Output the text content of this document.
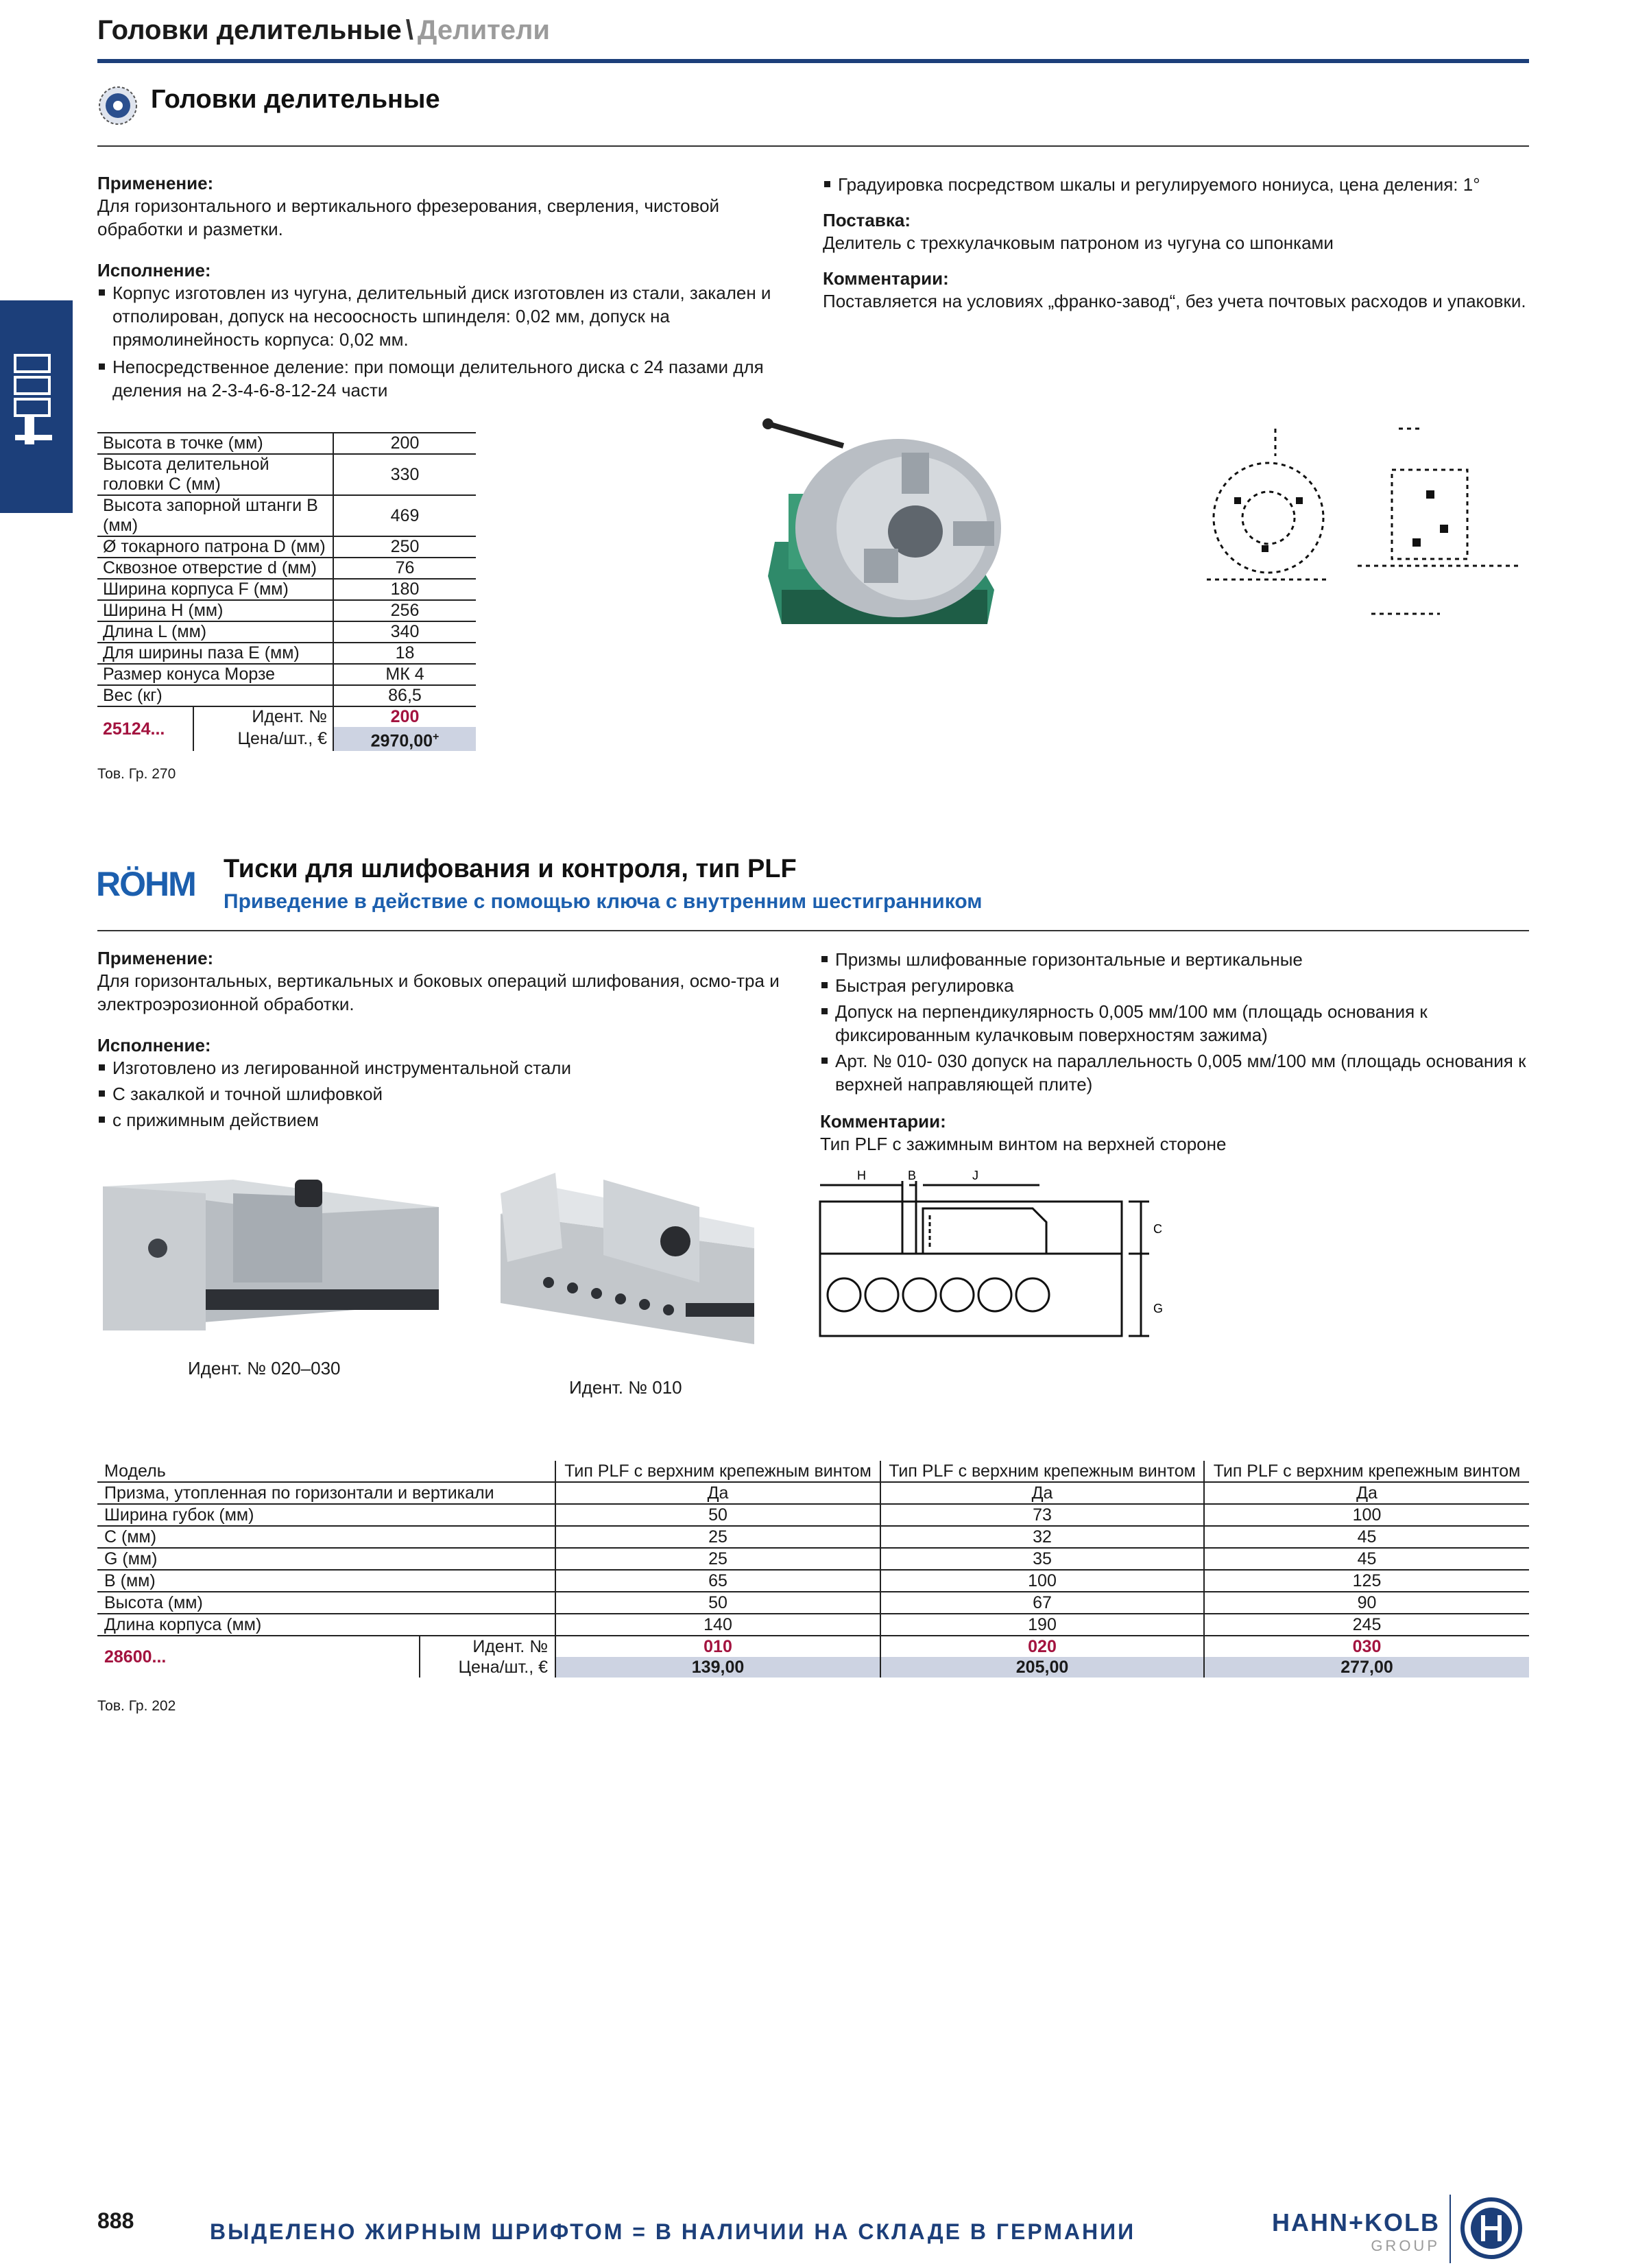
Головки делительные \ Делители
Головки делительные
Применение:
Для горизонтального и вертикального фрезерования, сверления, чистовой обработки и разметки.
Исполнение:
Корпус изготовлен из чугуна, делительный диск изготовлен из стали, закален и отполирован, допуск на несоосность шпинделя: 0,02 мм, допуск на прямолинейность корпуса: 0,02 мм.
Непосредственное деление: при помощи делительного диска с 24 пазами для деления на 2-3-4-6-8-12-24 части
Градуировка посредством шкалы и регулируемого нониуса, цена деления: 1°
Поставка:
Делитель с трехкулачковым патроном из чугуна со шпонками
Комментарии:
Поставляется на условиях „франко-завод“, без учета почтовых расходов и упаковки.
Высота в точке (мм)	200
Высота делительной головки С (мм)	330
Высота запорной штанги В (мм)	469
Ø токарного патрона D (мм)	250
Сквозное отверстие d (мм)	76
Ширина корпуса F (мм)	180
Ширина H (мм)	256
Длина L (мм)	340
Для ширины паза Е (мм)	18
Размер конуса Морзе	МК 4
Вес (кг)	86,5
25124...	Идент. №	200
	Цена/шт., €	2970,00+
Тов. Гр. 270
RÖHM Тиски для шлифования и контроля, тип PLF
Приведение в действие с помощью ключа с внутренним шестигранником
Применение:
Для горизонтальных, вертикальных и боковых операций шлифования, осмо-тра и электроэрозионной обработки.
Исполнение:
Изготовлено из легированной инструментальной стали
С закалкой и точной шлифовкой
с прижимным действием
Призмы шлифованные горизонтальные и вертикальные
Быстрая регулировка
Допуск на перпендикулярность 0,005 мм/100 мм (площадь основания к фиксированным кулачковым поверхностям зажима)
Арт. № 010- 030 допуск на параллельность 0,005 мм/100 мм (площадь основания к верхней направляющей плите)
Комментарии:
Тип PLF с зажимным винтом на верхней стороне
Идент. № 020–030
Идент. № 010
H	B	J
C
G
Модель		Тип PLF с верхним крепежным винтом	Тип PLF с верхним крепежным винтом	Тип PLF с верхним крепежным винтом
Призма, утопленная по горизонтали и вертикали		Да	Да	Да
Ширина губок (мм)		50	73	100
С (мм)		25	32	45
G (мм)		25	35	45
В (мм)		65	100	125
Высота (мм)		50	67	90
Длина корпуса (мм)		140	190	245
28600...	Идент. №	010	020	030
	Цена/шт., €	139,00	205,00	277,00
Тов. Гр. 202
888	ВЫДЕЛЕНО ЖИРНЫМ ШРИФТОМ = В НАЛИЧИИ НА СКЛАДЕ В ГЕРМАНИИ	HAHN+KOLB
GROUP
